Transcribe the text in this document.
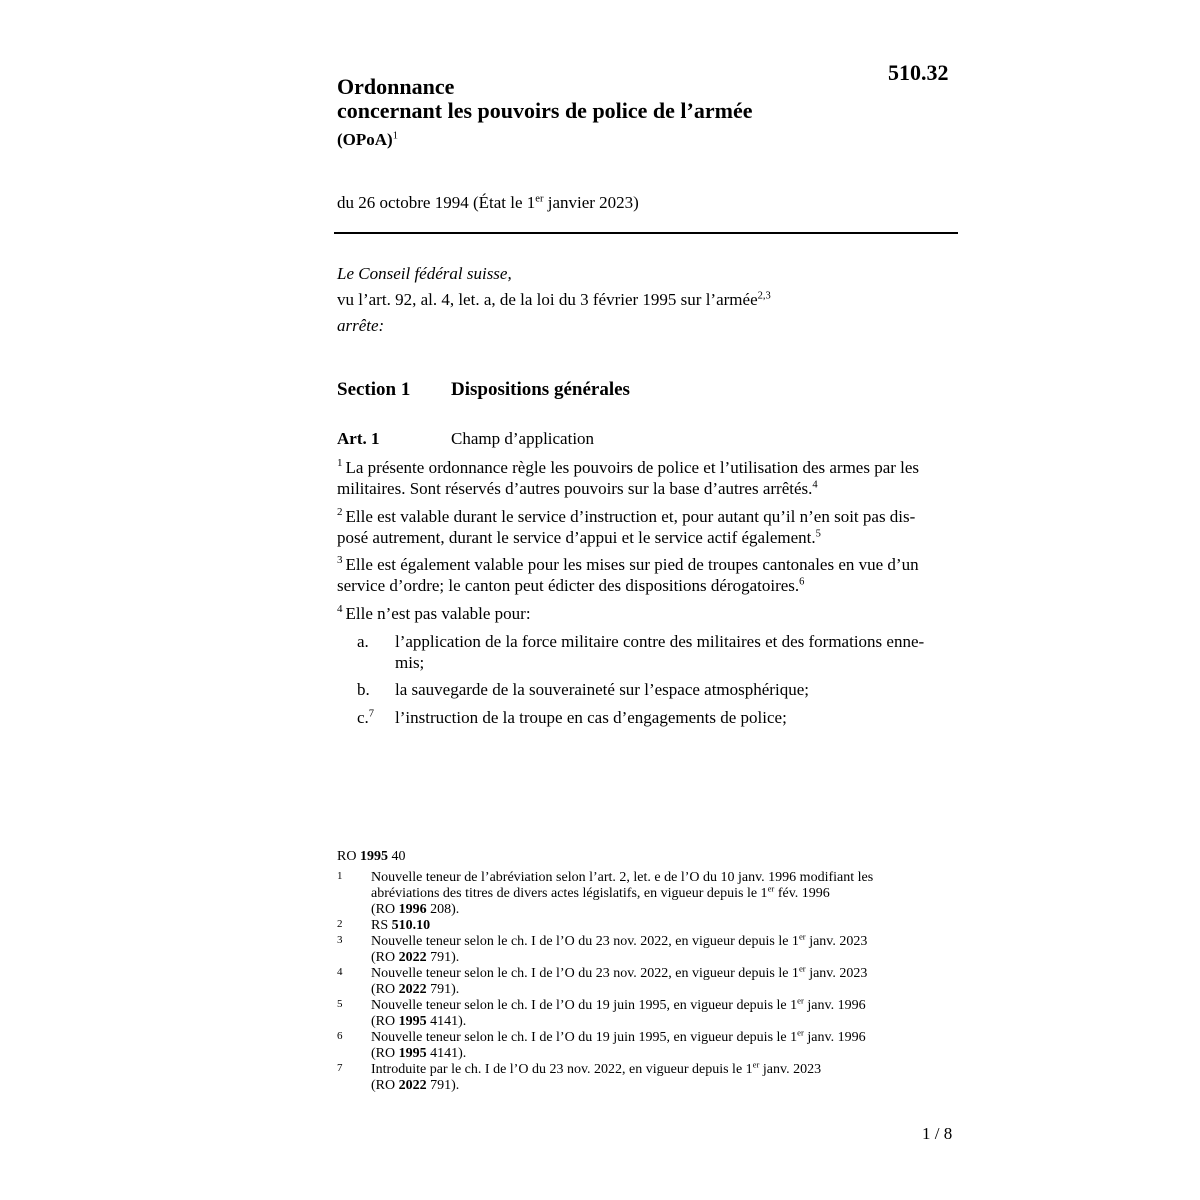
510.32
Ordonnance
concernant les pouvoirs de police de l’armée
(OPoA)$^1$
du 26 octobre 1994 (État le 1er janvier 2023)
Le Conseil fédéral suisse,
vu l’art. 92, al. 4, let. a, de la loi du 3 février 1995 sur l’armée$^{2,3}$
arrête:
Section 1 Dispositions générales
Art. 1	Champ d’application
$^1$ La présente ordonnance règle les pouvoirs de police et l’utilisation des armes par les
militaires. Sont réservés d’autres pouvoirs sur la base d’autres arrêtés.$^4$
$^2$ Elle est valable durant le service d’instruction et, pour autant qu’il n’en soit pas dis-
posé autrement, durant le service d’appui et le service actif également.$^5$
$^3$ Elle est également valable pour les mises sur pied de troupes cantonales en vue d’un
service d’ordre; le canton peut édicter des dispositions dérogatoires.$^6$
$^4$ Elle n’est pas valable pour:
a. l’application de la force militaire contre des militaires et des formations enne-
mis;
b. la sauvegarde de la souveraineté sur l’espace atmosphérique;
c.$^7$ l’instruction de la troupe en cas d’engagements de police;
RO 1995 40
1 Nouvelle teneur de l’abréviation selon l’art. 2, let. e de l’O du 10 janv. 1996 modifiant les
abréviations des titres de divers actes législatifs, en vigueur depuis le 1er fév. 1996
(RO 1996 208).
2 RS 510.10
3 Nouvelle teneur selon le ch. I de l’O du 23 nov. 2022, en vigueur depuis le 1er janv. 2023
(RO 2022 791).
4 Nouvelle teneur selon le ch. I de l’O du 23 nov. 2022, en vigueur depuis le 1er janv. 2023
(RO 2022 791).
5 Nouvelle teneur selon le ch. I de l’O du 19 juin 1995, en vigueur depuis le 1er janv. 1996
(RO 1995 4141).
6 Nouvelle teneur selon le ch. I de l’O du 19 juin 1995, en vigueur depuis le 1er janv. 1996
(RO 1995 4141).
7 Introduite par le ch. I de l’O du 23 nov. 2022, en vigueur depuis le 1er janv. 2023
(RO 2022 791).
1 / 8
